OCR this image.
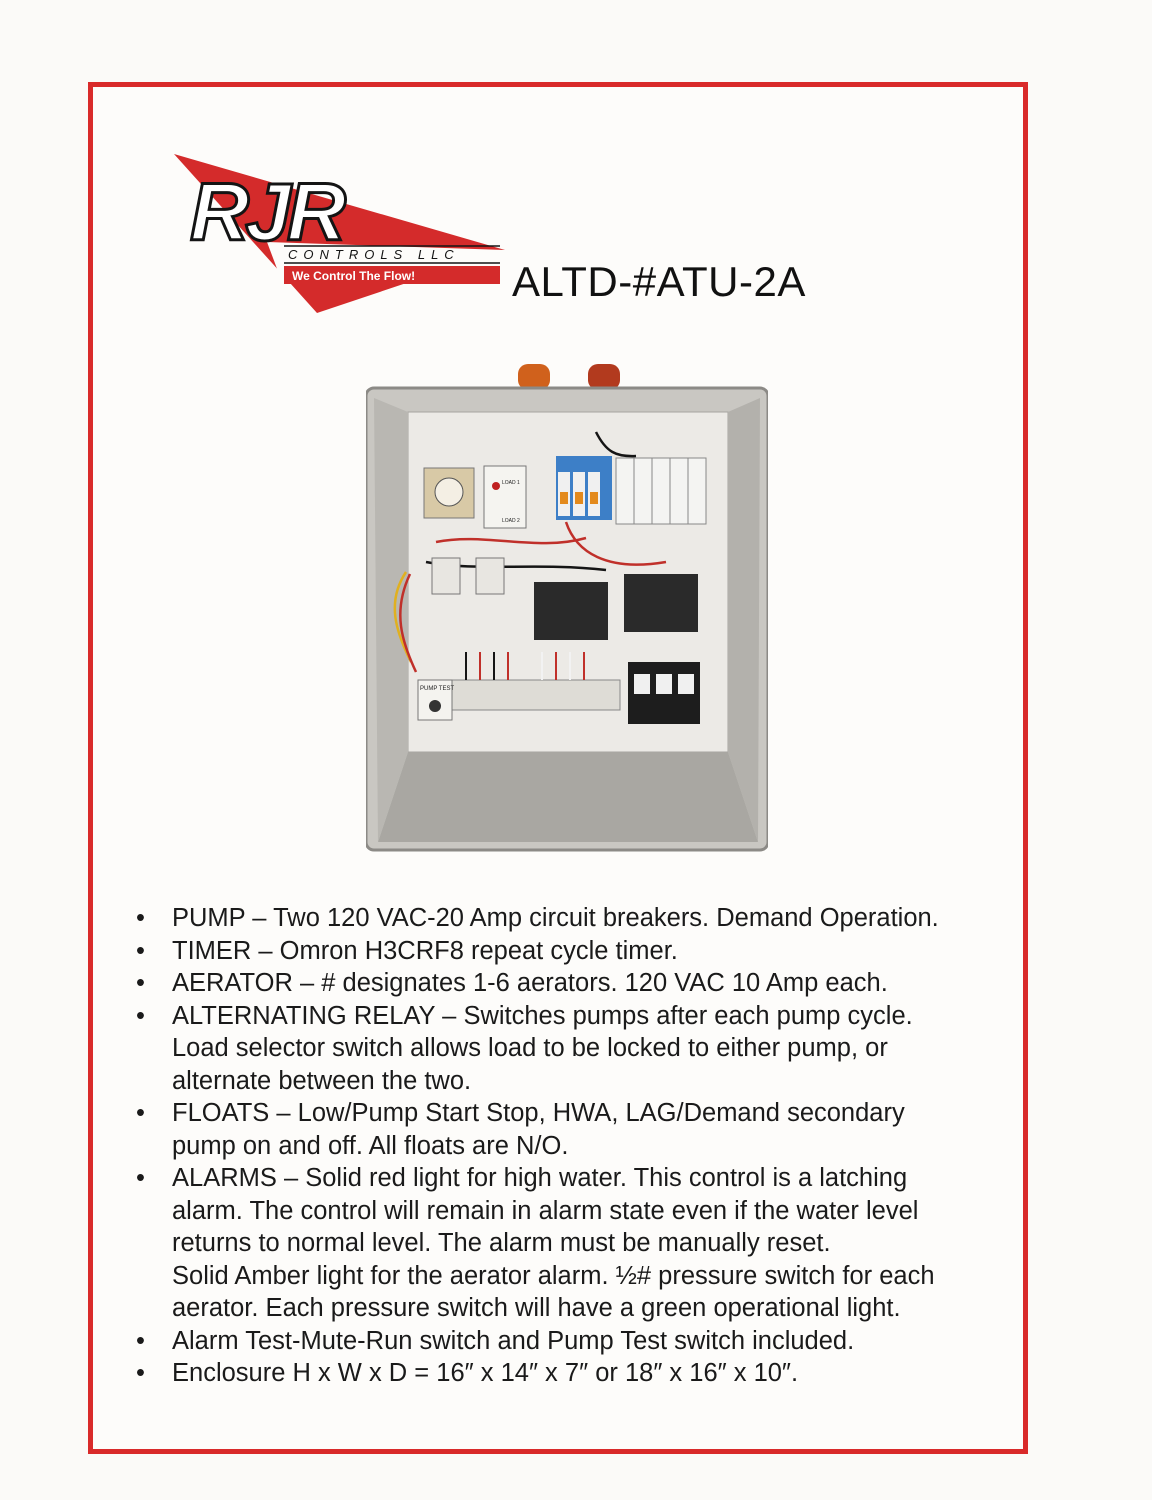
RJR
CONTROLS LLC
We Control The Flow! ALTD-#ATU-2A
PUMP TEST
LOAD 1
LOAD 2
• PUMP – Two 120 VAC-20 Amp circuit breakers. Demand Operation.
• TIMER – Omron H3CRF8 repeat cycle timer.
• AERATOR – # designates 1-6 aerators. 120 VAC 10 Amp each.
• ALTERNATING RELAY – Switches pumps after each pump cycle.
Load selector switch allows load to be locked to either pump, or
alternate between the two.
• FLOATS – Low/Pump Start Stop, HWA, LAG/Demand secondary
pump on and off. All floats are N/O.
• ALARMS – Solid red light for high water. This control is a latching
alarm. The control will remain in alarm state even if the water level
returns to normal level. The alarm must be manually reset.
Solid Amber light for the aerator alarm. ½# pressure switch for each
aerator. Each pressure switch will have a green operational light.
• Alarm Test-Mute-Run switch and Pump Test switch included.
• Enclosure H x W x D = 16″ x 14″ x 7″ or 18″ x 16″ x 10″.
